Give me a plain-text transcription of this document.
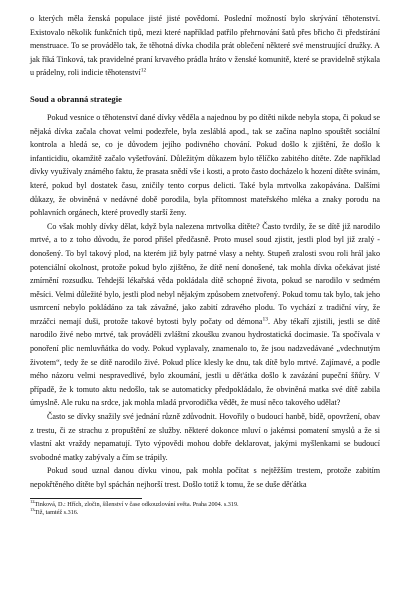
o kterých měla ženská populace jisté jisté povědomí. Poslední možností bylo skrývání těhotenství. Existovalo několik funkčních tipů, mezi které například patřilo přehrnování šatů přes břicho či předstírání menstruace. To se provádělo tak, že těhotná dívka chodila prát oblečení některé své menstruující družky. A jak říká Tinková, tak pravidelné praní krvavého prádla hráto v ženské komunitě, které se pravidelně stýkala u prádelny, roli indicie těhotenství$^{12}$

Soud a obranná strategie

Pokud vesnice o těhotenství dané dívky věděla a najednou by po dítěti nikde nebyla stopa, či pokud se nějaká dívka začala chovat velmi podezřele, byla zesláblá apod., tak se začína naplno spouštět sociální kontrola a hledá se, co je důvodem jejího podivného chování. Pokud došlo k zjištění, že došlo k infanticidiu, okamžitě začalo vyšetřování. Důležitým důkazem bylo tělíčko zabitého dítěte. Zde například dívky využívaly známého faktu, že prasata snědí vše i kosti, a proto často docházelo k hození dítěte svinám, které, pokud byl dostatek času, zničily tento corpus delicti. Také byla mrtvolka zakopávána. Dalšími důkazy, že obviněná v nedávné době porodila, byla přítomnost mateřského mléka a znaky porodu na pohlavních orgánech, které provedly starší ženy.

Co však mohly dívky dělat, když byla nalezena mrtvolka dítěte? Často tvrdily, že se dítě již narodilo mrtvé, a to z toho důvodu, že porod přišel předčasně. Proto musel soud zjistit, jestli plod byl již zralý - donošený. To byl takový plod, na kterém již byly patrné vlasy a nehty. Stupeň zralosti svou roli hrál jako potenciální okolnost, protože pokud bylo zjištěno, že dítě není donošené, tak mohla dívka očekávat jisté zmírnění rozsudku. Tehdejší lékařská věda pokládala dítě schopné života, pokud se narodilo v sedmém měsíci. Velmi důležité bylo, jestli plod nebyl nějakým způsobem znetvořený. Pokud tomu tak bylo, tak jeho usmrcení nebylo pokládáno za tak závažné, jako zabití zdravého plodu. To vychází z tradiční víry, že mrzáčci nemají duši, protože takové bytosti byly počaty od démona$^{13}$. Aby tékaří zjistili, jestli se dítě narodilo živé nebo mrtvé, tak prováděli zvláštní zkoušku zvanou hydrostatická docimasie. Ta spočívala v ponoření plic nemluvňátka do vody. Pokud vyplavaly, znamenalo to, že jsou nadzvedávané „vdechnutým životem“, tedy že se dítě narodilo živé. Pokud plíce klesly ke dnu, tak dítě bylo mrtvé. Zajímavé, a podle mého názoru velmi nespravedlivé, bylo zkoumání, jestli u dět'átka došlo k zavázání pupeční šňůry. V případě, že k tomuto aktu nedošlo, tak se automaticky předpokládalo, že obviněná matka své dítě zabila úmyslně. Ale ruku na srdce, jak mohla mladá prvorodička vědět, že musí něco takového udělat?

Často se dívky snažily své jednání různě zdůvodnit. Hovořily o budoucí hanbě, bídě, opovržení, obav z trestu, či ze strachu z propuštění ze služby. některé dokonce mluví o jakémsi pomatení smyslů a že si vlastní akt vraždy nepamatují. Tyto výpovědi mohou dobře deklarovat, jakými myšlenkami se budoucí svobodné matky zabývaly a čím se trápily.

Pokud soud uznal danou dívku vinou, pak mohla počítat s nejtěžším trestem, protože zabitím nepokřtěného dítěte byl spáchán nejhorší trest. Došlo totiž k tomu, že se duše děťátka

$^{12}$Tinková, D.: Hřích, zločin, šílenství v čase odkouzlování světa. Praha 2004. s.319.

$^{13}$Tiž, tamtéž s.316.
